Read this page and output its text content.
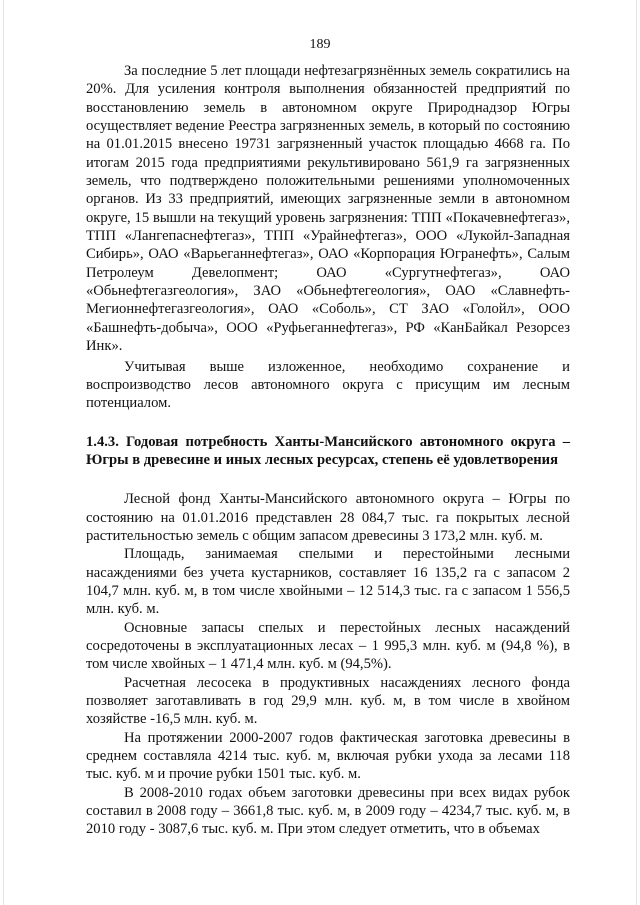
189

За последние 5 лет площади нефтезагрязнённых земель сократились на 20%. Для усиления контроля выполнения обязанностей предприятий по восстановлению земель в автономном округе Природнадзор Югры осуществляет ведение Реестра загрязненных земель, в который по состоянию на 01.01.2015 внесено 19731 загрязненный участок площадью 4668 га. По итогам 2015 года предприятиями рекультивировано 561,9 га загрязненных земель, что подтверждено положительными решениями уполномоченных органов. Из 33 предприятий, имеющих загрязненные земли в автономном округе, 15 вышли на текущий уровень загрязнения: ТПП «Покачевнефтегаз», ТПП «Лангепаснефтегаз», ТПП «Урайнефтегаз», ООО «Лукойл-Западная Сибирь», ОАО «Варьеганнефтегаз», ОАО «Корпорация Югранефть», Салым Петролеум Девелопмент; ОАО «Сургутнефтегаз», ОАО «Обьнефтегазгеология», ЗАО «Обьнефтегеология», ОАО «Славнефть-Мегионнефтегазгеология», ОАО «Соболь», СТ ЗАО «Голойл», ООО «Башнефть-добыча», ООО «Руфьеганнефтегаз», РФ «КанБайкал Резорсез Инк».

Учитывая выше изложенное, необходимо сохранение и воспроизводство лесов автономного округа с присущим им лесным потенциалом.

1.4.3. Годовая потребность Ханты-Мансийского автономного округа – Югры в древесине и иных лесных ресурсах, степень её удовлетворения

Лесной фонд Ханты-Мансийского автономного округа – Югры по состоянию на 01.01.2016 представлен 28 084,7 тыс. га покрытых лесной растительностью земель с общим запасом древесины 3 173,2 млн. куб. м.

Площадь, занимаемая спелыми и перестойными лесными насаждениями без учета кустарников, составляет 16 135,2 га с запасом 2 104,7 млн. куб. м, в том числе хвойными – 12 514,3 тыс. га с запасом 1 556,5 млн. куб. м.

Основные запасы спелых и перестойных лесных насаждений сосредоточены в эксплуатационных лесах – 1 995,3 млн. куб. м (94,8 %), в том числе хвойных – 1 471,4 млн. куб. м (94,5%).

Расчетная лесосека в продуктивных насаждениях лесного фонда позволяет заготавливать в год 29,9 млн. куб. м, в том числе в хвойном хозяйстве -16,5 млн. куб. м.

На протяжении 2000-2007 годов фактическая заготовка древесины в среднем составляла 4214 тыс. куб. м, включая рубки ухода за лесами 118 тыс. куб. м и прочие рубки 1501 тыс. куб. м.

В 2008-2010 годах объем заготовки древесины при всех видах рубок составил в 2008 году – 3661,8 тыс. куб. м, в 2009 году – 4234,7 тыс. куб. м, в 2010 году - 3087,6 тыс. куб. м. При этом следует отметить, что в объемах
